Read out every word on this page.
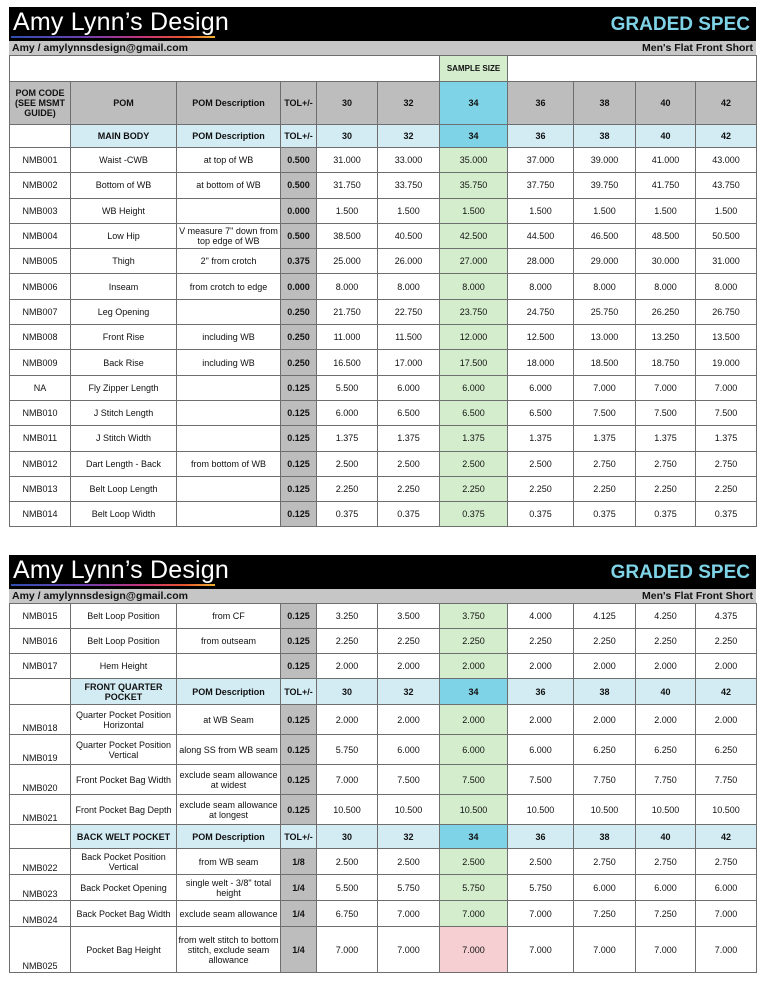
Amy Lynn’s Design	GRADED SPEC
Amy / amylynnsdesign@gmail.com	Men's Flat Front Short
						SAMPLE SIZE				
POM CODE (SEE MSMT GUIDE)	POM	POM Description	TOL+/-	30	32	34	36	38	40	42
	MAIN BODY	POM Description	TOL+/-	30	32	34	36	38	40	42
NMB001	Waist -CWB	at top of WB	0.500	31.000	33.000	35.000	37.000	39.000	41.000	43.000
NMB002	Bottom of WB	at bottom of WB	0.500	31.750	33.750	35.750	37.750	39.750	41.750	43.750
NMB003	WB Height		0.000	1.500	1.500	1.500	1.500	1.500	1.500	1.500
NMB004	Low Hip	V measure 7" down from top edge of WB	0.500	38.500	40.500	42.500	44.500	46.500	48.500	50.500
NMB005	Thigh	2" from crotch	0.375	25.000	26.000	27.000	28.000	29.000	30.000	31.000
NMB006	Inseam	from crotch to edge	0.000	8.000	8.000	8.000	8.000	8.000	8.000	8.000
NMB007	Leg Opening		0.250	21.750	22.750	23.750	24.750	25.750	26.250	26.750
NMB008	Front Rise	including WB	0.250	11.000	11.500	12.000	12.500	13.000	13.250	13.500
NMB009	Back Rise	including WB	0.250	16.500	17.000	17.500	18.000	18.500	18.750	19.000
NA	Fly Zipper Length		0.125	5.500	6.000	6.000	6.000	7.000	7.000	7.000
NMB010	J Stitch Length		0.125	6.000	6.500	6.500	6.500	7.500	7.500	7.500
NMB011	J Stitch Width		0.125	1.375	1.375	1.375	1.375	1.375	1.375	1.375
NMB012	Dart Length - Back	from bottom of WB	0.125	2.500	2.500	2.500	2.500	2.750	2.750	2.750
NMB013	Belt Loop Length		0.125	2.250	2.250	2.250	2.250	2.250	2.250	2.250
NMB014	Belt Loop Width		0.125	0.375	0.375	0.375	0.375	0.375	0.375	0.375
Amy Lynn’s Design	GRADED SPEC
Amy / amylynnsdesign@gmail.com	Men's Flat Front Short
NMB015	Belt Loop Position	from CF	0.125	3.250	3.500	3.750	4.000	4.125	4.250	4.375
NMB016	Belt Loop Position	from outseam	0.125	2.250	2.250	2.250	2.250	2.250	2.250	2.250
NMB017	Hem Height		0.125	2.000	2.000	2.000	2.000	2.000	2.000	2.000
	FRONT QUARTER POCKET	POM Description	TOL+/-	30	32	34	36	38	40	42
NMB018	Quarter Pocket Position Horizontal	at WB Seam	0.125	2.000	2.000	2.000	2.000	2.000	2.000	2.000
NMB019	Quarter Pocket Position Vertical	along SS from WB seam	0.125	5.750	6.000	6.000	6.000	6.250	6.250	6.250
NMB020	Front Pocket Bag Width	exclude seam allowance at widest	0.125	7.000	7.500	7.500	7.500	7.750	7.750	7.750
NMB021	Front Pocket Bag Depth	exclude seam allowance at longest	0.125	10.500	10.500	10.500	10.500	10.500	10.500	10.500
	BACK WELT POCKET	POM Description	TOL+/-	30	32	34	36	38	40	42
NMB022	Back Pocket Position Vertical	from WB seam	1/8	2.500	2.500	2.500	2.500	2.750	2.750	2.750
NMB023	Back Pocket Opening	single welt - 3/8" total height	1/4	5.500	5.750	5.750	5.750	6.000	6.000	6.000
NMB024	Back Pocket Bag Width	exclude seam allowance	1/4	6.750	7.000	7.000	7.000	7.250	7.250	7.000
NMB025	Pocket Bag Height	from welt stitch to bottom stitch, exclude seam allowance	1/4	7.000	7.000	7.000	7.000	7.000	7.000	7.000
